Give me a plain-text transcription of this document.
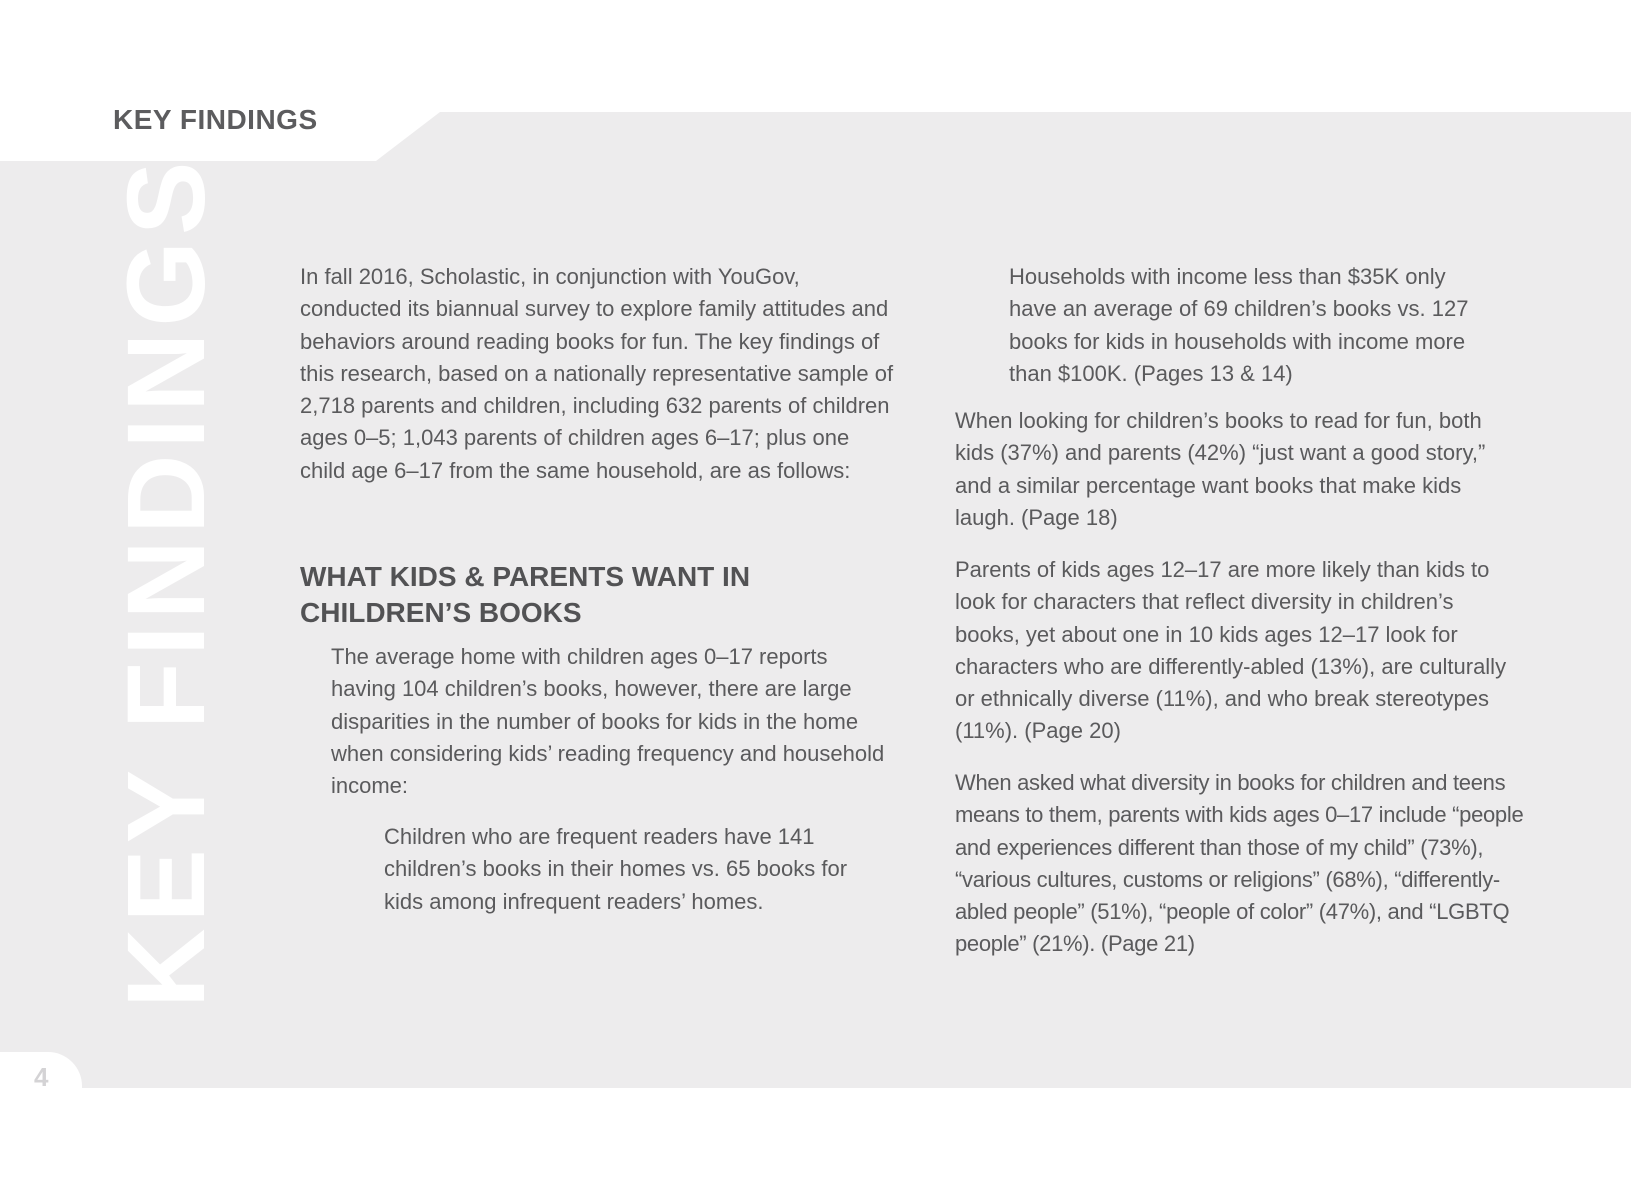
KEY FINDINGS
KEY FINDINGS
4
In fall 2016, Scholastic, in conjunction with YouGov, conducted its biannual survey to explore family attitudes and behaviors around reading books for fun. The key findings of this research, based on a nationally representative sample of 2,718 parents and children, including 632 parents of children ages 0–5; 1,043 parents of children ages 6–17; plus one child age 6–17 from the same household, are as follows:
WHAT KIDS & PARENTS WANT IN CHILDREN’S BOOKS
The average home with children ages 0–17 reports having 104 children’s books, however, there are large disparities in the number of books for kids in the home when considering kids’ reading frequency and household income:
Children who are frequent readers have 141 children’s books in their homes vs. 65 books for kids among infrequent readers’ homes.
Households with income less than $35K only have an average of 69 children’s books vs. 127 books for kids in households with income more than $100K. (Pages 13 & 14)
When looking for children’s books to read for fun, both kids (37%) and parents (42%) “just want a good story,” and a similar percentage want books that make kids laugh. (Page 18)
Parents of kids ages 12–17 are more likely than kids to look for characters that reflect diversity in children’s books, yet about one in 10 kids ages 12–17 look for characters who are differently-abled (13%), are culturally or ethnically diverse (11%), and who break stereotypes (11%). (Page 20)
When asked what diversity in books for children and teens means to them, parents with kids ages 0–17 include “people and experiences different than those of my child” (73%), “various cultures, customs or religions” (68%), “differently-abled people” (51%), “people of color” (47%), and “LGBTQ people” (21%). (Page 21)
